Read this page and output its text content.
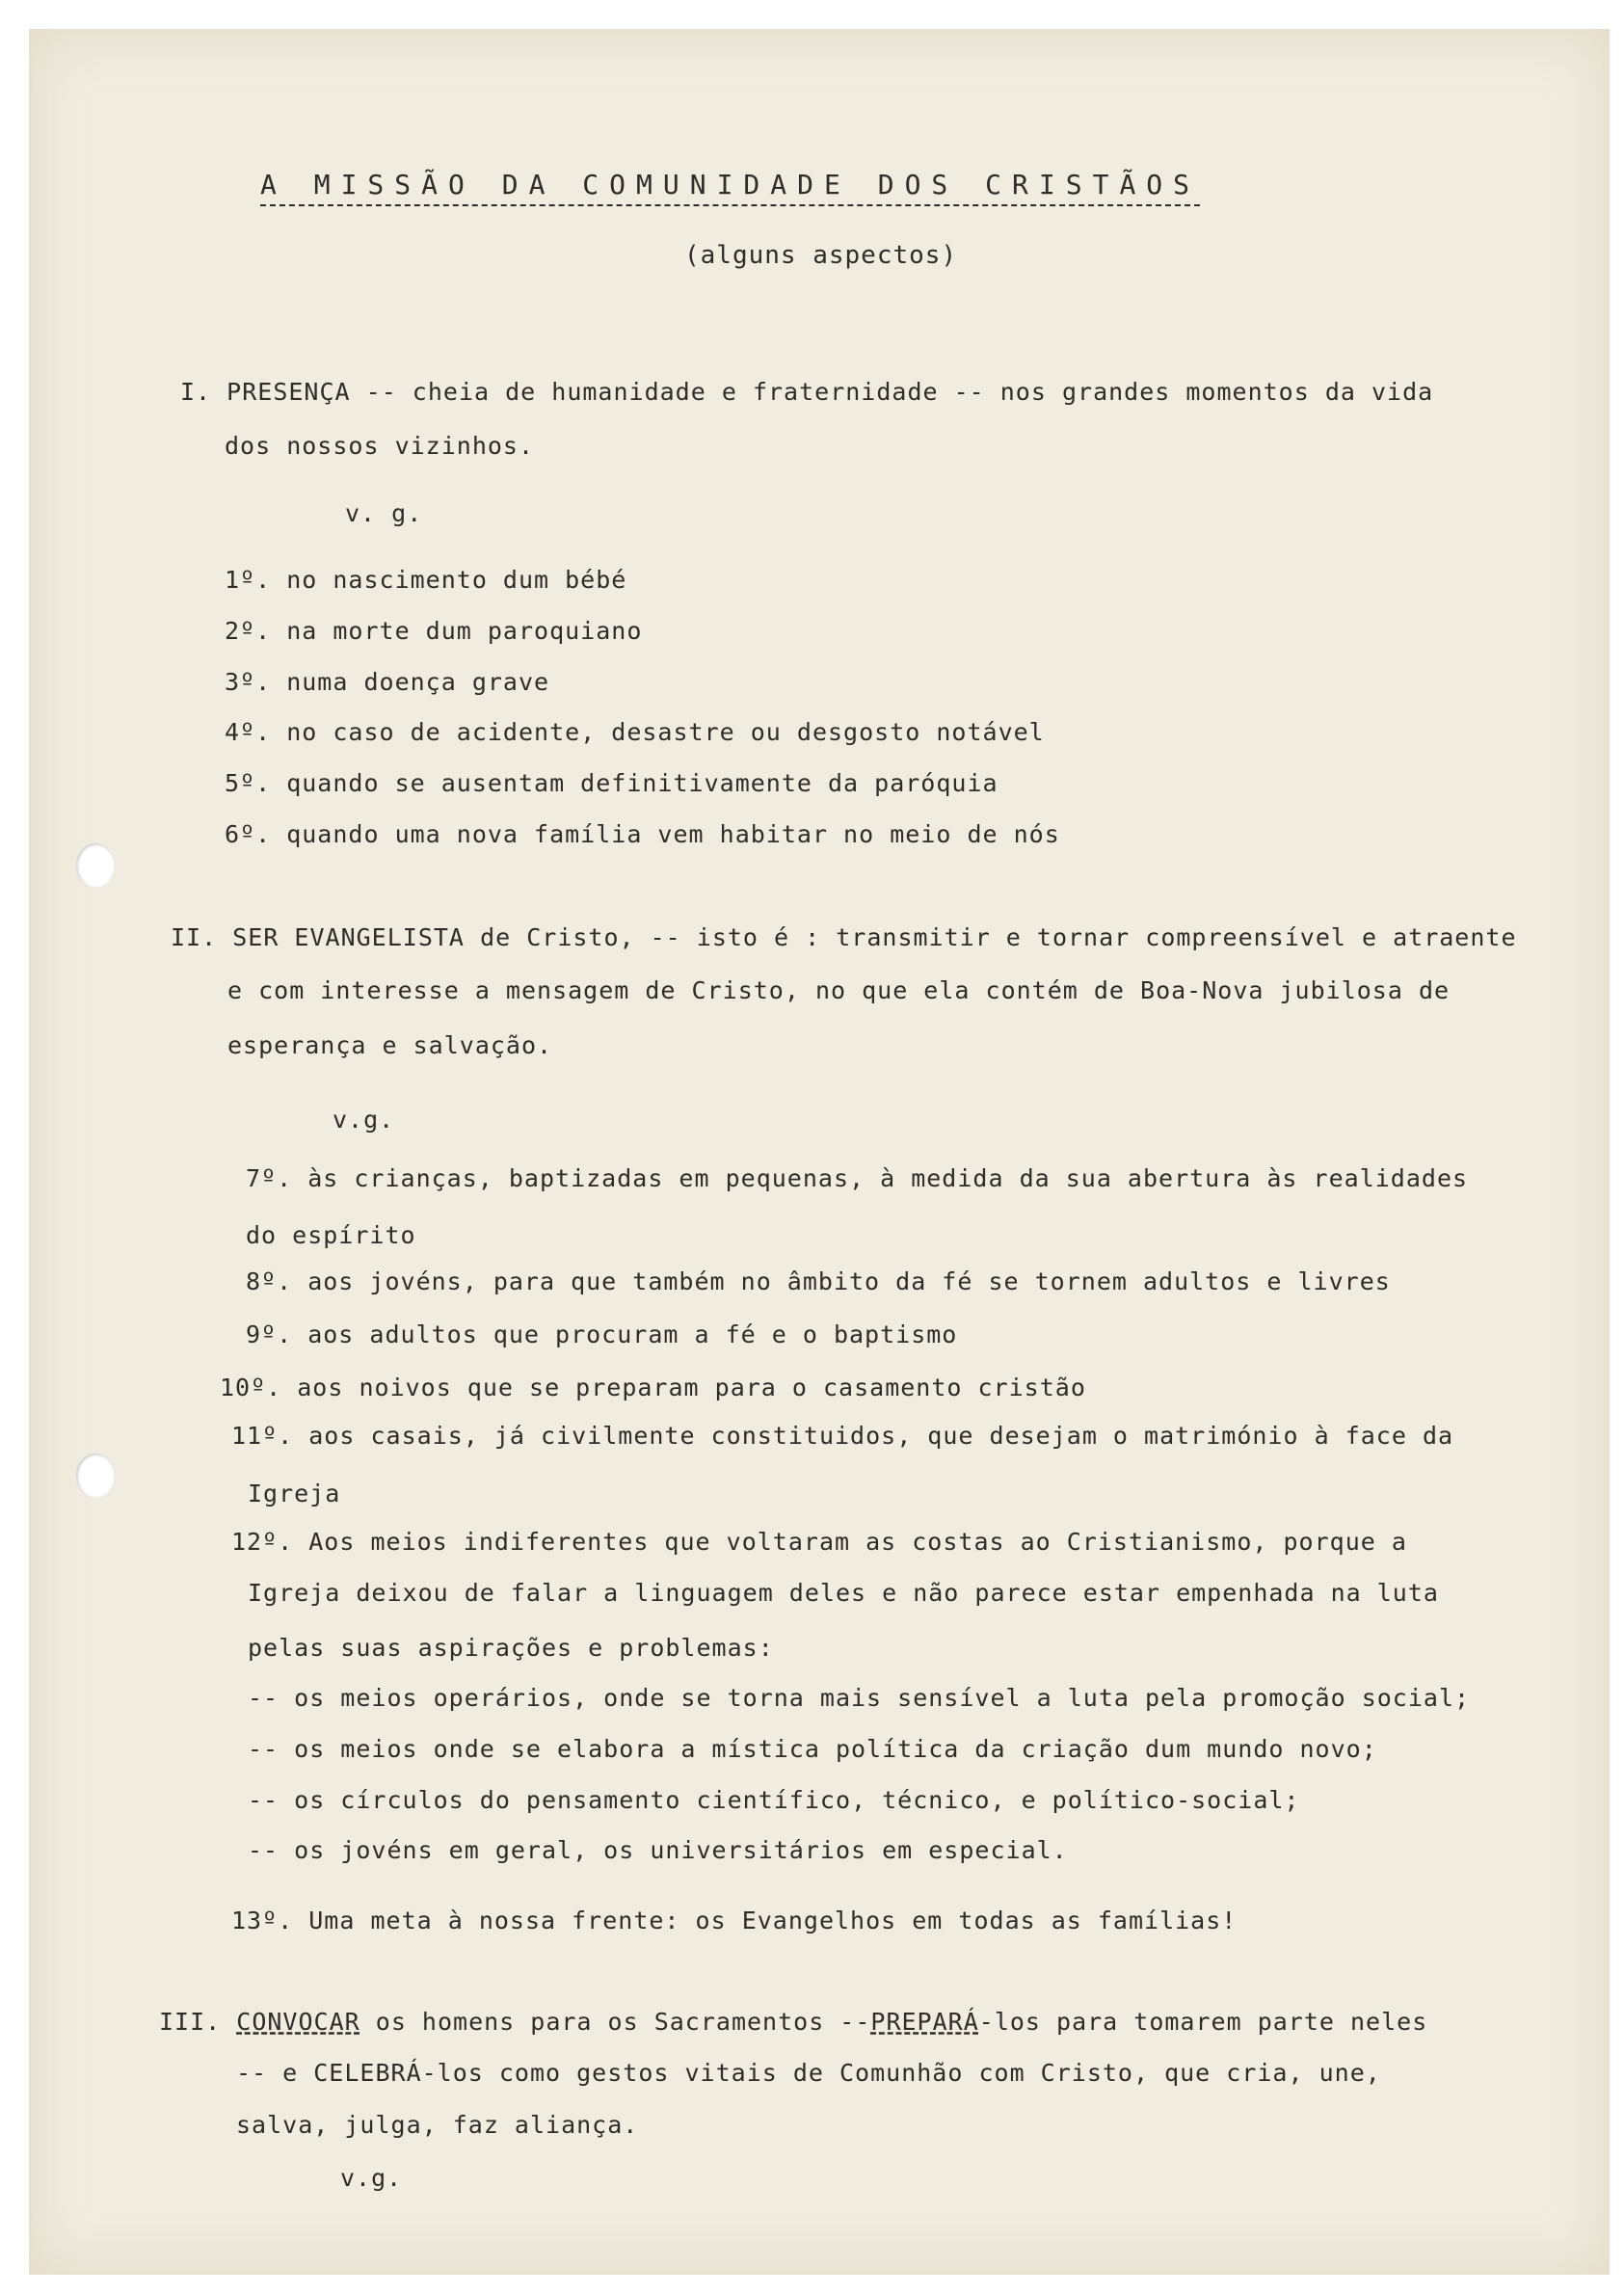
A MISSÃO DA COMUNIDADE DOS CRISTÃOS
(alguns aspectos)
I. PRESENÇA -- cheia de humanidade e fraternidade -- nos grandes momentos da vida
dos nossos vizinhos.
v. g.
1º. no nascimento dum bébé
2º. na morte dum paroquiano
3º. numa doença grave
4º. no caso de acidente, desastre ou desgosto notável
5º. quando se ausentam definitivamente da paróquia
6º. quando uma nova família vem habitar no meio de nós
II. SER EVANGELISTA de Cristo, -- isto é : transmitir e tornar compreensível e atraente
e com interesse a mensagem de Cristo, no que ela contém de Boa-Nova jubilosa de
esperança e salvação.
v.g.
7º. às crianças, baptizadas em pequenas, à medida da sua abertura às realidades
do espírito
8º. aos jovéns, para que também no âmbito da fé se tornem adultos e livres
9º. aos adultos que procuram a fé e o baptismo
10º. aos noivos que se preparam para o casamento cristão
11º. aos casais, já civilmente constituidos, que desejam o matrimónio à face da
Igreja
12º. Aos meios indiferentes que voltaram as costas ao Cristianismo, porque a
Igreja deixou de falar a linguagem deles e não parece estar empenhada na luta
pelas suas aspirações e problemas:
-- os meios operários, onde se torna mais sensível a luta pela promoção social;
-- os meios onde se elabora a mística política da criação dum mundo novo;
-- os círculos do pensamento científico, técnico, e político-social;
-- os jovéns em geral, os universitários em especial.
13º. Uma meta à nossa frente: os Evangelhos em todas as famílias!
III. CONVOCAR os homens para os Sacramentos --PREPARÁ-los para tomarem parte neles
-- e CELEBRÁ-los como gestos vitais de Comunhão com Cristo, que cria, une,
salva, julga, faz aliança.
v.g.
